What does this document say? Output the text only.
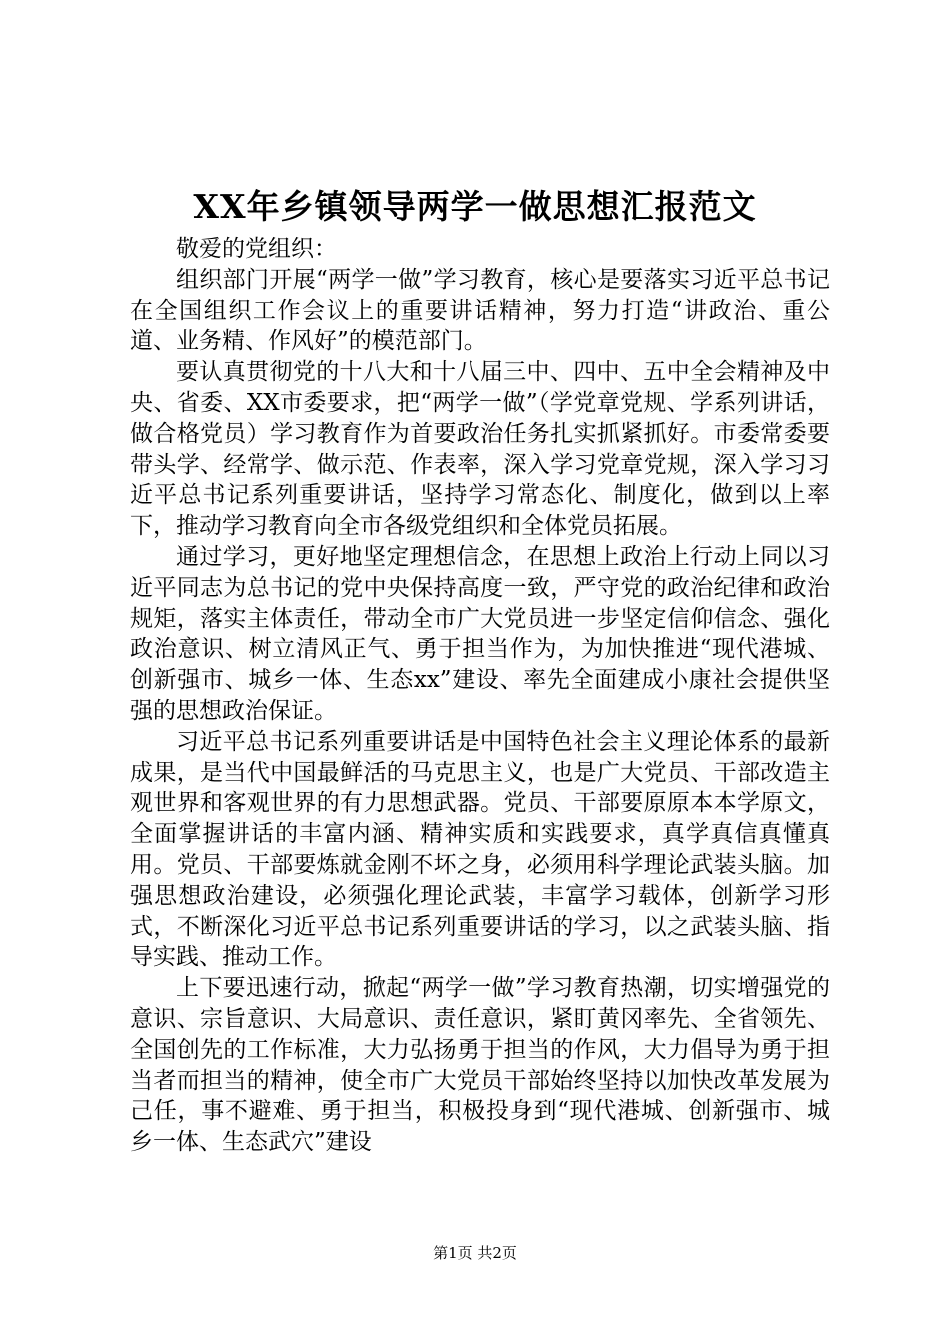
XX年乡镇领导两学一做思想汇报范文

敬爱的党组织：

组织部门开展“两学一做”学习教育，核心是要落实习近平总书记在全国组织工作会议上的重要讲话精神，努力打造“讲政治、重公道、业务精、作风好”的模范部门。

要认真贯彻党的十八大和十八届三中、四中、五中全会精神及中央、省委、XX市委要求，把“两学一做”（学党章党规、学系列讲话，做合格党员）学习教育作为首要政治任务扎实抓紧抓好。市委常委要带头学、经常学、做示范、作表率，深入学习党章党规，深入学习习近平总书记系列重要讲话，坚持学习常态化、制度化，做到以上率下，推动学习教育向全市各级党组织和全体党员拓展。

通过学习，更好地坚定理想信念，在思想上政治上行动上同以习近平同志为总书记的党中央保持高度一致，严守党的政治纪律和政治规矩，落实主体责任，带动全市广大党员进一步坚定信仰信念、强化政治意识、树立清风正气、勇于担当作为，为加快推进“现代港城、创新强市、城乡一体、生态xx”建设、率先全面建成小康社会提供坚强的思想政治保证。

习近平总书记系列重要讲话是中国特色社会主义理论体系的最新成果，是当代中国最鲜活的马克思主义，也是广大党员、干部改造主观世界和客观世界的有力思想武器。党员、干部要原原本本学原文，全面掌握讲话的丰富内涵、精神实质和实践要求，真学真信真懂真用。党员、干部要炼就金刚不坏之身，必须用科学理论武装头脑。加强思想政治建设，必须强化理论武装，丰富学习载体，创新学习形式，不断深化习近平总书记系列重要讲话的学习，以之武装头脑、指导实践、推动工作。

上下要迅速行动，掀起“两学一做”学习教育热潮，切实增强党的意识、宗旨意识、大局意识、责任意识，紧盯黄冈率先、全省领先、全国创先的工作标准，大力弘扬勇于担当的作风，大力倡导为勇于担当者而担当的精神，使全市广大党员干部始终坚持以加快改革发展为己任，事不避难、勇于担当，积极投身到“现代港城、创新强市、城乡一体、生态武穴”建设

第1页 共2页
